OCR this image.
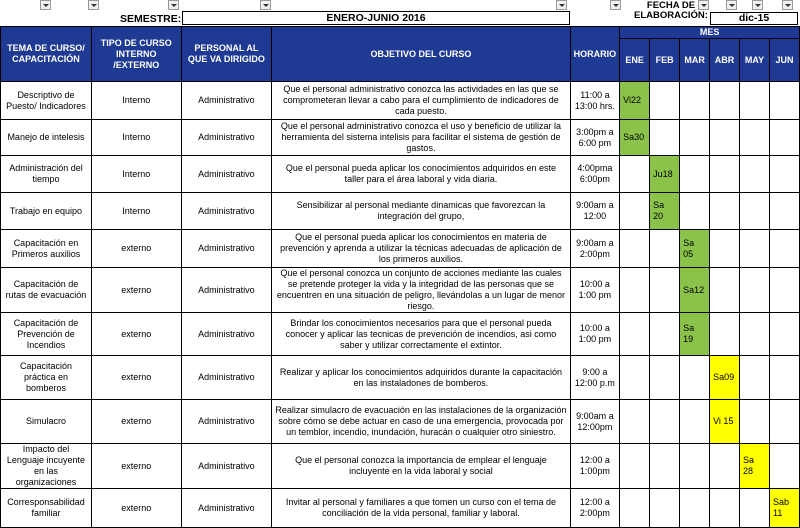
SEMESTRE:	ENERO-JUNIO 2016
FECHA DE ELABORACIÓN:	dic-15
TEMA DE CURSO/ CAPACITACIÓN	TIPO DE CURSO INTERNO /EXTERNO	PERSONAL AL QUE VA DIRIGIDO	OBJETIVO DEL CURSO	HORARIO	MES					
					ENE	FEB	MAR	ABR	MAY	JUN
Descriptivo de Puesto/ Indicadores	Interno	Administrativo	Que el personal administrativo conozca las actividades en las que se comprometeran llevar a cabo para el cumplimiento de indicadores de cada puesto.	11:00 a 13:00 hrs.	Vi22					
Manejo de intelesis	Interno	Administrativo	Que el personal administrativo conozca el uso y beneficio de utilizar la herramienta del sistema intelisis para facilitar el sistema de gestión de gastos.	3:00pm a 6:00 pm	Sa30					
Administración del tiempo	Interno	Administrativo	Que el personal pueda aplicar los conocimientos adquiridos en este taller para el área laboral y vida diaria.	4:00pma 6:00pm		Ju18				
Trabajo en equipo	Interno	Administrativo	Sensibilizar al personal mediante dinamicas que favorezcan la integración del grupo,	9:00am a 12:00		Sa 20				
Capacitación en Primeros auxilios	externo	Administrativo	Que el personal pueda aplicar los conocimientos en materia de prevención y aprenda a utilizar la técnicas adecuadas de aplicación de los primeros auxilios.	9:00am a 2:00pm			Sa 05			
Capacitación de rutas de evacuación	externo	Administrativo	Que el personal conozca un conjunto de acciones mediante las cuales se pretende proteger la vida y la integridad de las personas que se encuentren en una situación de peligro, llevándolas a un lugar de menor riesgo.	10:00 a 1:00 pm			Sa12			
Capacitación de Prevención de Incendios	externo	Administrativo	Brindar los conocimientos necesarios para que el personal pueda conocer y aplicar las tecnicas de prevención de incendios, asi como saber y utilizar correctamente el extintor.	10:00 a 1:00 pm			Sa 19			
Capacitación práctica en bomberos	externo	Administrativo	Realizar y aplicar los conocimientos adquiridos durante la capacitación en las instaladones de bomberos.	9:00 a 12:00 p.m				Sa09		
Simulacro	externo	Administrativo	Realizar simulacro de evacuación en las instalaciones de la organización sobre cómo se debe actuar en caso de una emergencia, provocada por un temblor, incendio, inundación, huracán o cualquier otro siniestro.	9:00am a 12:00pm				Vi 15		
Impacto del Lenguaje incuyente en las organizaciones	externo	Administrativo	Que el personal conozca la importancia de emplear el lenguaje incluyente en la vida laboral y social	12:00 a 1:00pm					Sa 28	
Corresponsabilidad familiar	externo	Administrativo	Invitar al personal y familiares a que tomen un curso con el tema de conciliación de la vida personal, familiar y laboral.	12:00 a 2:00pm						Sab 11
